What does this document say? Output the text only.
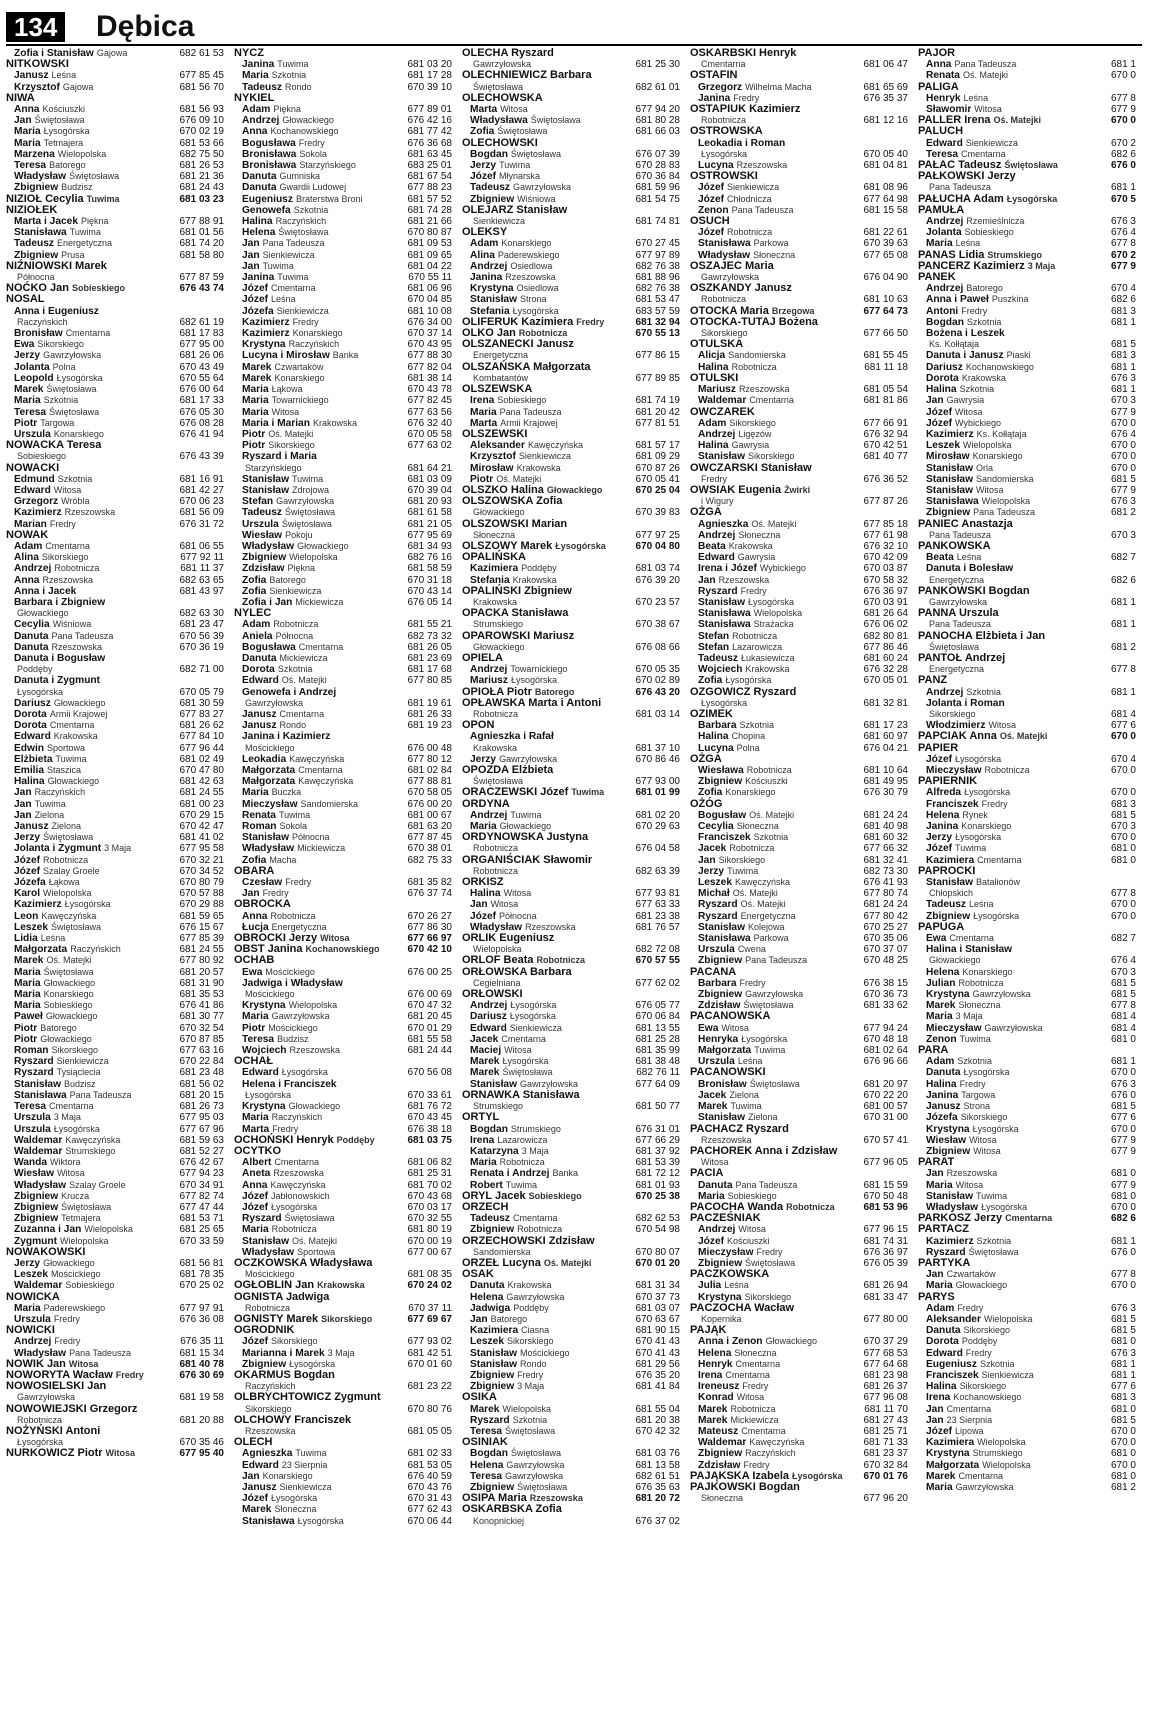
134 Dębica
682 61 53
Zofia i Stanisław Gajowa
NITKOWSKI
677 85 45
Janusz Leśna
681 56 70
Krzysztof Gajowa
NIWA
681 56 93
Anna Kościuszki
676 09 10
Jan Świętosława
670 02 19
Maria Łysogórska
681 53 66
Maria Tetmajera
682 75 50
Marzena Wielopolska
681 26 53
Teresa Batorego
681 21 36
Władysław Świętosława
681 24 43
Zbigniew Budzisz
681 03 23
NIZIOŁ Cecylia Tuwima
NIZIOŁEK
677 88 91
Marta i Jacek Piękna
681 01 56
Stanisława Tuwima
681 74 20
Tadeusz Energetyczna
681 58 80
Zbigniew Prusa
NIŹNIOWSKI Marek
677 87 59
Północna
676 43 74
NOĆKO Jan Sobieskiego
NOSAL
Anna i Eugeniusz
682 61 19
Raczyńskich
681 17 83
Bronisław Cmentarna
677 95 00
Ewa Sikorskiego
681 26 06
Jerzy Gawrzyłowska
670 43 49
Jolanta Polna
670 55 64
Leopold Łysogórska
676 00 64
Marek Świętosława
681 17 33
Maria Szkotnia
676 05 30
Teresa Świętosława
676 08 28
Piotr Targowa
676 41 94
Urszula Konarskiego
NOWACKA Teresa
676 43 39
Sobieskiego
NOWACKI
681 16 91
Edmund Szkotnia
681 42 27
Edward Witosa
670 06 23
Grzegorz Wróbla
681 56 09
Kazimierz Rzeszowska
676 31 72
Marian Fredry
NOWAK
681 06 55
Adam Cmentarna
677 92 11
Alina Sikorskiego
681 11 37
Andrzej Robotnicza
682 63 65
Anna Rzeszowska
681 43 97
Anna i Jacek
Barbara i Zbigniew
682 63 30
Głowackiego
681 23 47
Cecylia Wiśniowa
670 56 39
Danuta Pana Tadeusza
670 36 19
Danuta Rzeszowska
Danuta i Bogusław
682 71 00
Poddęby
Danuta i Zygmunt
670 05 79
Łysogórska
681 30 59
Dariusz Głowackiego
677 83 27
Dorota Armii Krajowej
681 26 62
Dorota Cmentarna
677 84 10
Edward Krakowska
677 96 44
Edwin Sportowa
681 02 49
Elżbieta Tuwima
670 47 80
Emilia Staszica
681 42 63
Halina Głowackiego
681 24 55
Jan Raczyńskich
681 00 23
Jan Tuwima
670 29 15
Jan Zielona
670 42 47
Janusz Zielona
681 41 02
Jerzy Świętosława
677 95 58
Jolanta i Zygmunt 3 Maja
670 32 21
Józef Robotnicza
670 34 52
Józef Szalay Groele
670 80 79
Józefa Łąkowa
670 57 88
Karol Wielopolska
670 29 88
Kazimierz Łysogórska
681 59 65
Leon Kawęczyńska
676 15 67
Leszek Świętosława
677 85 39
Lidia Leśna
681 24 55
Małgorzata Raczyńskich
677 80 92
Marek Oś. Matejki
681 20 57
Maria Świętosława
681 31 90
Maria Głowackiego
681 35 53
Maria Konarskiego
676 41 86
Maria Sobieskiego
681 30 77
Paweł Głowackiego
670 32 54
Piotr Batorego
670 87 85
Piotr Głowackiego
677 63 16
Roman Sikorskiego
670 22 84
Ryszard Sienkiewicza
681 23 48
Ryszard Tysiąclecia
681 56 02
Stanisław Budzisz
681 20 15
Stanisława Pana Tadeusza
681 26 73
Teresa Cmentarna
677 95 03
Urszula 3 Maja
677 67 96
Urszula Łysogórska
681 59 63
Waldemar Kawęczyńska
681 52 27
Waldemar Strumskiego
676 42 67
Wanda Wiktora
677 94 23
Wiesław Witosa
670 34 91
Władysław Szalay Groele
677 82 74
Zbigniew Krucza
677 47 44
Zbigniew Świętosława
681 53 71
Zbigniew Tetmajera
681 25 65
Zuzanna i Jan Wielopolska
670 33 59
Zygmunt Wielopolska
NOWAKOWSKI
681 56 81
Jerzy Głowackiego
681 78 35
Leszek Mościckiego
670 25 02
Waldemar Sobieskiego
NOWICKA
677 97 91
Maria Paderewskiego
676 36 08
Urszula Fredry
NOWICKI
676 35 11
Andrzej Fredry
681 15 34
Władysław Pana Tadeusza
681 40 78
NOWIK Jan Witosa
676 30 69
NOWORYTA Wacław Fredry
NOWOSIELSKI Jan
681 19 58
Gawrzyłowska
NOWOWIEJSKI Grzegorz
681 20 88
Robotnicza
NOŻYŃSKI Antoni
670 35 46
Łysogórska
677 95 40
NURKOWICZ Piotr Witosa
NYCZ
681 03 20
Janina Tuwima
681 17 28
Maria Szkotnia
670 39 10
Tadeusz Rondo
NYKIEL
677 89 01
Adam Piękna
676 42 16
Andrzej Głowackiego
681 77 42
Anna Kochanowskiego
676 36 68
Bogusława Fredry
681 63 45
Bronisława Sokola
683 25 01
Bronisława Starzyńskiego
681 67 54
Danuta Gumniska
677 88 23
Danuta Gwardii Ludowej
681 57 52
Eugeniusz Braterstwa Broni
681 74 28
Genowefa Szkotnia
681 21 66
Halina Raczyńskich
670 80 87
Helena Świętosława
681 09 53
Jan Pana Tadeusza
681 09 65
Jan Sienkiewicza
681 04 22
Jan Tuwima
670 55 11
Janina Tuwima
681 06 96
Józef Cmentarna
670 04 85
Józef Leśna
681 10 08
Józefa Sienkiewicza
676 34 00
Kazimierz Fredry
670 37 14
Kazimierz Konarskiego
670 43 95
Krystyna Raczyńskich
677 88 30
Lucyna i Mirosław Banka
677 82 04
Marek Czwartaków
681 38 14
Marek Konarskiego
670 43 78
Maria Łąkowa
677 82 45
Maria Towarnickiego
677 63 56
Maria Witosa
676 32 40
Maria i Marian Krakowska
670 05 58
Piotr Oś. Matejki
677 63 02
Piotr Sikorskiego
Ryszard i Maria
681 64 21
Starzyńskiego
681 03 09
Stanisław Tuwima
670 39 04
Stanisław Zdrojowa
681 20 93
Stefan Gawrzyłowska
681 61 58
Tadeusz Świętosława
681 21 05
Urszula Świętosława
677 95 69
Wiesław Pokoju
681 34 93
Władysław Głowackiego
682 76 16
Zbigniew Wielopolska
681 58 59
Zdzisław Piękna
670 31 18
Zofia Batorego
670 43 14
Zofia Sienkiewicza
676 05 14
Zofia i Jan Mickiewicza
NYLEC
681 55 21
Adam Robotnicza
682 73 32
Aniela Północna
681 26 05
Bogusława Cmentarna
681 23 69
Danuta Mickiewicza
681 17 68
Dorota Szkotnia
677 80 85
Edward Oś. Matejki
Genowefa i Andrzej
681 19 61
Gawrzyłowska
681 26 33
Janusz Cmentarna
681 19 23
Janusz Rondo
Janina i Kazimierz
676 00 48
Mościckiego
677 80 12
Leokadia Kawęczyńska
681 02 84
Małgorzata Cmentarna
677 88 81
Małgorzata Kawęczyńska
670 58 05
Maria Buczka
676 00 20
Mieczysław Sandomierska
681 00 67
Renata Tuwima
681 63 20
Roman Sokola
677 87 45
Stanisław Północna
670 38 01
Władysław Mickiewicza
682 75 33
Zofia Macha
OBARA
681 35 82
Czesław Fredry
676 37 74
Jan Fredry
OBROCKA
670 26 27
Anna Robotnicza
677 86 30
Łucja Energetyczna
677 66 97
OBROCKI Jerzy Witosa
670 42 10
OBST Janina Kochanowskiego
OCHAB
676 00 25
Ewa Mościckiego
Jadwiga i Władysław
676 00 69
Mościckiego
670 47 32
Krystyna Wielopolska
681 20 45
Maria Gawrzyłowska
670 01 29
Piotr Mościckiego
681 55 58
Teresa Budzisz
681 24 44
Wojciech Rzeszowska
OCHAŁ
670 56 08
Edward Łysogórska
Helena i Franciszek
670 33 61
Łysogórska
681 76 72
Krystyna Głowackiego
670 43 45
Maria Raczyńskich
676 38 18
Marta Fredry
681 03 75
OCHOŃSKI Henryk Poddęby
OCYTKO
681 06 82
Albert Cmentarna
681 25 31
Aneta Rzeszowska
681 70 02
Anna Kawęczyńska
670 43 68
Józef Jabłonowskich
670 03 17
Józef Łysogórska
670 32 55
Ryszard Świętosława
681 80 19
Maria Robotnicza
670 00 19
Stanisław Oś. Matejki
677 00 67
Władysław Sportowa
OCZKOWSKA Władysława
681 08 35
Mościckiego
670 24 02
OGŁOBLIN Jan Krakowska
OGNISTA Jadwiga
670 37 11
Robotnicza
677 69 67
OGNISTY Marek Sikorskiego
OGRODNIK
677 93 02
Józef Sikorskiego
681 42 51
Marianna i Marek 3 Maja
670 01 60
Zbigniew Łysogórska
OKARMUS Bogdan
681 23 22
Raczyńskich
OLBRYCHTOWICZ Zygmunt
670 80 76
Sikorskiego
OLCHOWY Franciszek
681 05 05
Rzeszowska
OLECH
681 02 33
Agnieszka Tuwima
681 53 05
Edward 23 Sierpnia
676 40 59
Jan Konarskiego
670 43 76
Janusz Sienkiewicza
670 31 43
Józef Łysogórska
677 62 43
Marek Słoneczna
670 06 44
Stanisława Łysogórska
OLECHA Ryszard
681 25 30
Gawrzyłowska
OLECHNIEWICZ Barbara
682 61 01
Świętosława
OLECHOWSKA
677 94 20
Marta Witosa
681 80 28
Władysława Świętosława
681 66 03
Zofia Świętosława
OLECHOWSKI
676 07 39
Bogdan Świętosława
670 28 83
Jerzy Tuwima
670 36 84
Józef Młynarska
681 59 96
Tadeusz Gawrzyłowska
681 54 75
Zbigniew Wiśniowa
OLEJARZ Stanisław
681 74 81
Sienkiewicza
OLEKSY
670 27 45
Adam Konarskiego
677 97 89
Alina Paderewskiego
682 76 38
Andrzej Osiedlowa
681 88 96
Janina Rzeszowska
682 76 38
Krystyna Osiedlowa
681 53 47
Stanisław Strona
683 57 59
Stefania Łysogórska
681 32 94
OLIFERUK Kazimiera Fredry
670 55 13
OLKO Jan Robotnicza
OLSZANECKI Janusz
677 86 15
Energetyczna
OLSZAŃSKA Małgorzata
677 89 85
Kombatantów
OLSZEWSKA
681 74 19
Irena Sobieskiego
681 20 42
Maria Pana Tadeusza
677 81 51
Marta Armii Krajowej
OLSZEWSKI
681 57 17
Aleksander Kawęczyńska
681 09 29
Krzysztof Sienkiewicza
670 87 26
Mirosław Krakowska
670 05 41
Piotr Oś. Matejki
670 25 04
OLSZKO Halina Głowackiego
OLSZOWSKA Zofia
670 39 83
Głowackiego
OLSZOWSKI Marian
677 97 25
Słoneczna
670 04 80
OLSZOWY Marek Łysogórska
OPALIŃSKA
681 03 74
Kazimiera Poddęby
676 39 20
Stefania Krakowska
OPALIŃSKI Zbigniew
670 23 57
Krakowska
OPACKA Stanisława
670 38 67
Strumskiego
OPAROWSKI Mariusz
676 08 66
Głowackiego
OPIELA
670 05 35
Andrzej Towarnickiego
670 02 89
Mariusz Łysogórska
676 43 20
OPIOŁA Piotr Batorego
OPŁAWSKA Marta i Antoni
681 03 14
Robotnicza
OPON
Agnieszka i Rafał
681 37 10
Krakowska
670 86 46
Jerzy Gawrzyłowska
OPOZDA Elżbieta
677 93 00
Świętosława
681 01 99
ORACZEWSKI Józef Tuwima
ORDYNA
681 02 20
Andrzej Tuwima
670 29 63
Maria Głowackiego
ORDYNOWSKA Justyna
676 04 58
Robotnicza
ORGANIŚCIAK Sławomir
682 63 39
Robotnicza
ORKISZ
677 93 81
Halina Witosa
677 63 33
Jan Witosa
681 23 38
Józef Północna
681 76 57
Władysław Rzeszowska
ORLIK Eugeniusz
682 72 08
Wielopolska
670 57 55
ORLOF Beata Robotnicza
ORŁOWSKA Barbara
677 62 02
Cegielniana
ORŁOWSKI
676 05 77
Andrzej Łysogórska
670 06 84
Dariusz Łysogórska
681 13 55
Edward Sienkiewicza
681 25 28
Jacek Cmentarna
681 35 99
Maciej Witosa
681 38 48
Marek Łysogórska
682 76 11
Marek Świętosława
677 64 09
Stanisław Gawrzyłowska
ORNAWKA Stanisława
681 50 77
Strumskiego
ORTYL
676 31 01
Bogdan Strumskiego
677 66 29
Irena Lazarowicza
681 37 92
Katarzyna 3 Maja
681 53 39
Maria Robotnicza
681 72 12
Renata i Andrzej Banka
681 01 93
Robert Tuwima
670 25 38
ORYL Jacek Sobieskiego
ORZECH
682 62 53
Tadeusz Cmentarna
670 54 98
Zbigniew Robotnicza
ORZECHOWSKI Zdzisław
670 80 07
Sandomierska
670 01 20
ORZEŁ Lucyna Oś. Matejki
OSAK
681 31 34
Danuta Krakowska
670 37 73
Helena Gawrzyłowska
681 03 07
Jadwiga Poddęby
670 63 67
Jan Batorego
681 90 15
Kazimiera Ciasna
670 41 43
Leszek Sikorskiego
670 41 43
Stanisław Mościckiego
681 29 56
Stanisław Rondo
676 35 20
Zbigniew Fredry
681 41 84
Zbigniew 3 Maja
OSIKA
681 55 04
Marek Wielopolska
681 20 38
Ryszard Szkotnia
670 42 32
Teresa Świętosława
OSINIAK
681 03 76
Bogdan Świętosława
681 13 58
Helena Gawrzyłowska
682 61 51
Teresa Gawrzyłowska
676 35 63
Zbigniew Świętosława
681 20 72
OSIPA Maria Rzeszowska
OSKARBSKA Zofia
676 37 02
Konopnickiej
OSKARBSKI Henryk
681 06 47
Cmentarna
OSTAFIN
681 65 69
Grzegorz Wilhelma Macha
676 35 37
Janina Fredry
OSTAPIUK Kazimierz
681 12 16
Robotnicza
OSTROWSKA
Leokadia i Roman
670 05 40
Łysogórska
681 04 81
Lucyna Rzeszowska
OSTROWSKI
681 08 96
Józef Sienkiewicza
677 64 98
Józef Chłodnicza
681 15 58
Zenon Pana Tadeusza
OSUCH
681 22 61
Józef Robotnicza
670 39 63
Stanisława Parkowa
677 65 08
Władysław Słoneczna
OSZAJEC Maria
676 04 90
Gawrzyłowska
OSZKANDY Janusz
681 10 63
Robotnicza
677 64 73
OTOCKA Maria Brzegowa
OTOCKA-TUTAJ Bożena
677 66 50
Sikorskiego
OTULSKA
681 55 45
Alicja Sandomierska
681 11 18
Halina Robotnicza
OTULSKI
681 05 54
Mariusz Rzeszowska
681 81 86
Waldemar Cmentarna
OWCZAREK
677 66 91
Adam Sikorskiego
676 32 94
Andrzej Ligęzów
670 42 51
Halina Gawrysia
681 40 77
Stanisław Sikorskiego
OWCZARSKI Stanisław
676 36 52
Fredry
OWSIAK Eugenia Żwirki
677 87 26
i Wigury
OŻGA
677 85 18
Agnieszka Oś. Matejki
677 61 98
Andrzej Słoneczna
676 32 10
Beata Krakowska
670 42 09
Edward Gawrysia
670 03 87
Irena i Józef Wybickiego
670 58 32
Jan Rzeszowska
676 36 97
Ryszard Fredry
670 03 91
Stanisław Łysogórska
681 26 64
Stanisława Wielopolska
676 06 02
Stanisława Strażacka
682 80 81
Stefan Robotnicza
677 86 46
Stefan Lazarowicza
681 60 24
Tadeusz Łukasiewicza
676 32 28
Wojciech Krakowska
670 05 01
Zofia Łysogórska
OZGOWICZ Ryszard
681 32 81
Łysogórska
OZIMEK
681 17 23
Barbara Szkotnia
681 60 97
Halina Chopina
676 04 21
Lucyna Polna
OŻGA
681 10 64
Wiesława Robotnicza
681 49 95
Zbigniew Kościuszki
676 30 79
Zofia Konarskiego
OŻÓG
681 24 24
Bogusław Oś. Matejki
681 40 98
Cecylia Słoneczna
681 60 32
Franciszek Szkotnia
677 66 32
Jacek Robotnicza
681 32 41
Jan Sikorskiego
682 73 30
Jerzy Tuwima
676 41 93
Leszek Kawęczyńska
677 80 74
Michał Oś. Matejki
681 24 24
Ryszard Oś. Matejki
677 80 42
Ryszard Energetyczna
670 25 27
Stanisław Kolejowa
670 35 06
Stanisława Parkowa
670 37 07
Urszula Cwena
670 48 25
Zbigniew Pana Tadeusza
PACANA
676 38 15
Barbara Fredry
670 36 73
Zbigniew Gawrzyłowska
681 33 62
Zdzisław Świętosława
PACANOWSKA
677 94 24
Ewa Witosa
670 48 18
Henryka Łysogórska
681 02 64
Małgorzata Tuwima
676 96 66
Urszula Leśna
PACANOWSKI
681 20 97
Bronisław Świętosława
670 22 20
Jacek Zielona
681 00 57
Marek Tuwima
670 31 00
Stanisław Zielona
PACHACZ Ryszard
670 57 41
Rzeszowska
PACHOREK Anna i Zdzisław
677 96 05
Witosa
PACIA
681 15 59
Danuta Pana Tadeusza
670 50 48
Maria Sobieskiego
681 53 96
PACOCHA Wanda Robotnicza
PACZEŚNIAK
677 96 15
Andrzej Witosa
681 74 31
Józef Kościuszki
676 36 97
Mieczysław Fredry
676 05 39
Zbigniew Świętosława
PACZKOWSKA
681 26 94
Julia Leśna
681 33 47
Krystyna Sikorskiego
PACZOCHA Wacław
677 80 00
Kopernika
PAJĄK
670 37 29
Anna i Zenon Głowackiego
677 68 53
Helena Słoneczna
677 64 68
Henryk Cmentarna
681 23 98
Irena Cmentarna
681 26 37
Ireneusz Fredry
677 96 08
Konrad Witosa
681 11 70
Marek Robotnicza
681 27 43
Marek Mickiewicza
681 25 71
Mateusz Cmentarna
681 71 33
Waldemar Kawęczyńska
681 23 37
Zbigniew Raczyńskich
670 32 84
Zdzisław Fredry
670 01 76
PAJĄKSKA Izabela Łysogórska
PAJKOWSKI Bogdan
677 96 20
Słoneczna
PAJOR
681 1
Anna Pana Tadeusza
670 0
Renata Oś. Matejki
PALIGA
677 8
Henryk Leśna
677 9
Sławomir Witosa
670 0
PALLER Irena Oś. Matejki
PALUCH
670 2
Edward Sienkiewicza
682 6
Teresa Cmentarna
676 0
PAŁAC Tadeusz Świętosława
PAŁKOWSKI Jerzy
681 1
Pana Tadeusza
670 5
PAŁUCHA Adam Łysogórska
PAMUŁA
676 3
Andrzej Rzemieślnicza
676 4
Jolanta Sobieskiego
677 8
Maria Leśna
670 2
PANAS Lidia Strumskiego
677 9
PANCERZ Kazimierz 3 Maja
PANEK
670 4
Andrzej Batorego
682 6
Anna i Paweł Puszkina
681 3
Antoni Fredry
681 1
Bogdan Szkotnia
Bożena i Leszek
681 5
Ks. Kołłątaja
681 3
Danuta i Janusz Piaski
681 1
Dariusz Kochanowskiego
676 3
Dorota Krakowska
681 1
Halina Szkotnia
670 3
Jan Gawrysia
677 9
Józef Witosa
670 0
Józef Wybickiego
676 4
Kazimierz Ks. Kołłątaja
670 0
Leszek Wielopolska
670 0
Mirosław Konarskiego
670 0
Stanisław Orla
681 5
Stanisław Sandomierska
677 9
Stanisław Witosa
676 3
Stanisława Wielopolska
681 2
Zbigniew Pana Tadeusza
PANIEC Anastazja
670 3
Pana Tadeusza
PANKOWSKA
682 7
Beata Leśna
Danuta i Bolesław
682 6
Energetyczna
PANKOWSKI Bogdan
681 1
Gawrzyłowska
PANNA Urszula
681 1
Pana Tadeusza
PANOCHA Elżbieta i Jan
681 2
Świętosława
PANTOŁ Andrzej
677 8
Energetyczna
PANZ
681 1
Andrzej Szkotnia
Jolanta i Roman
681 4
Sikorskiego
677 6
Włodzimierz Witosa
670 0
PAPCIAK Anna Oś. Matejki
PAPIER
670 4
Józef Łysogórska
670 0
Mieczysław Robotnicza
PAPIERNIK
670 0
Alfreda Łysogórska
681 3
Franciszek Fredry
681 5
Helena Rynek
670 3
Janina Konarskiego
670 0
Jerzy Łysogórska
681 0
Józef Tuwima
681 0
Kazimiera Cmentarna
PAPROCKI
Stanisław Batalionów
677 8
Chłopskich
670 0
Tadeusz Leśna
670 0
Zbigniew Łysogórska
PAPUGA
682 7
Ewa Cmentarna
Halina i Stanisław
676 4
Głowackiego
670 3
Helena Konarskiego
681 5
Julian Robotnicza
681 5
Krystyna Gawrzyłowska
677 8
Marek Słoneczna
681 4
Maria 3 Maja
681 4
Mieczysław Gawrzyłowska
681 0
Zenon Tuwima
PARA
681 1
Adam Szkotnia
670 0
Danuta Łysogórska
676 3
Halina Fredry
676 0
Janina Targowa
681 5
Janusz Strona
677 6
Józefa Sikorskiego
670 0
Krystyna Łysogórska
677 9
Wiesław Witosa
677 9
Zbigniew Witosa
PARAT
681 0
Jan Rzeszowska
677 9
Maria Witosa
681 0
Stanisław Tuwima
670 0
Władysław Łysogórska
682 6
PARKOSZ Jerzy Cmentarna
PARTACZ
681 1
Kazimierz Szkotnia
676 0
Ryszard Świętosława
PARTYKA
677 8
Jan Czwartaków
670 0
Maria Głowackiego
PARYS
676 3
Adam Fredry
681 5
Aleksander Wielopolska
681 5
Danuta Sikorskiego
681 0
Dorota Poddęby
676 3
Edward Fredry
681 1
Eugeniusz Szkotnia
681 1
Franciszek Sienkiewicza
677 6
Halina Sikorskiego
681 3
Irena Kochanowskiego
681 0
Jan Cmentarna
681 5
Jan 23 Sierpnia
670 0
Józef Lipowa
670 0
Kazimiera Wielopolska
681 0
Krystyna Strumskiego
670 0
Małgorzata Wielopolska
681 0
Marek Cmentarna
681 2
Maria Gawrzyłowska
